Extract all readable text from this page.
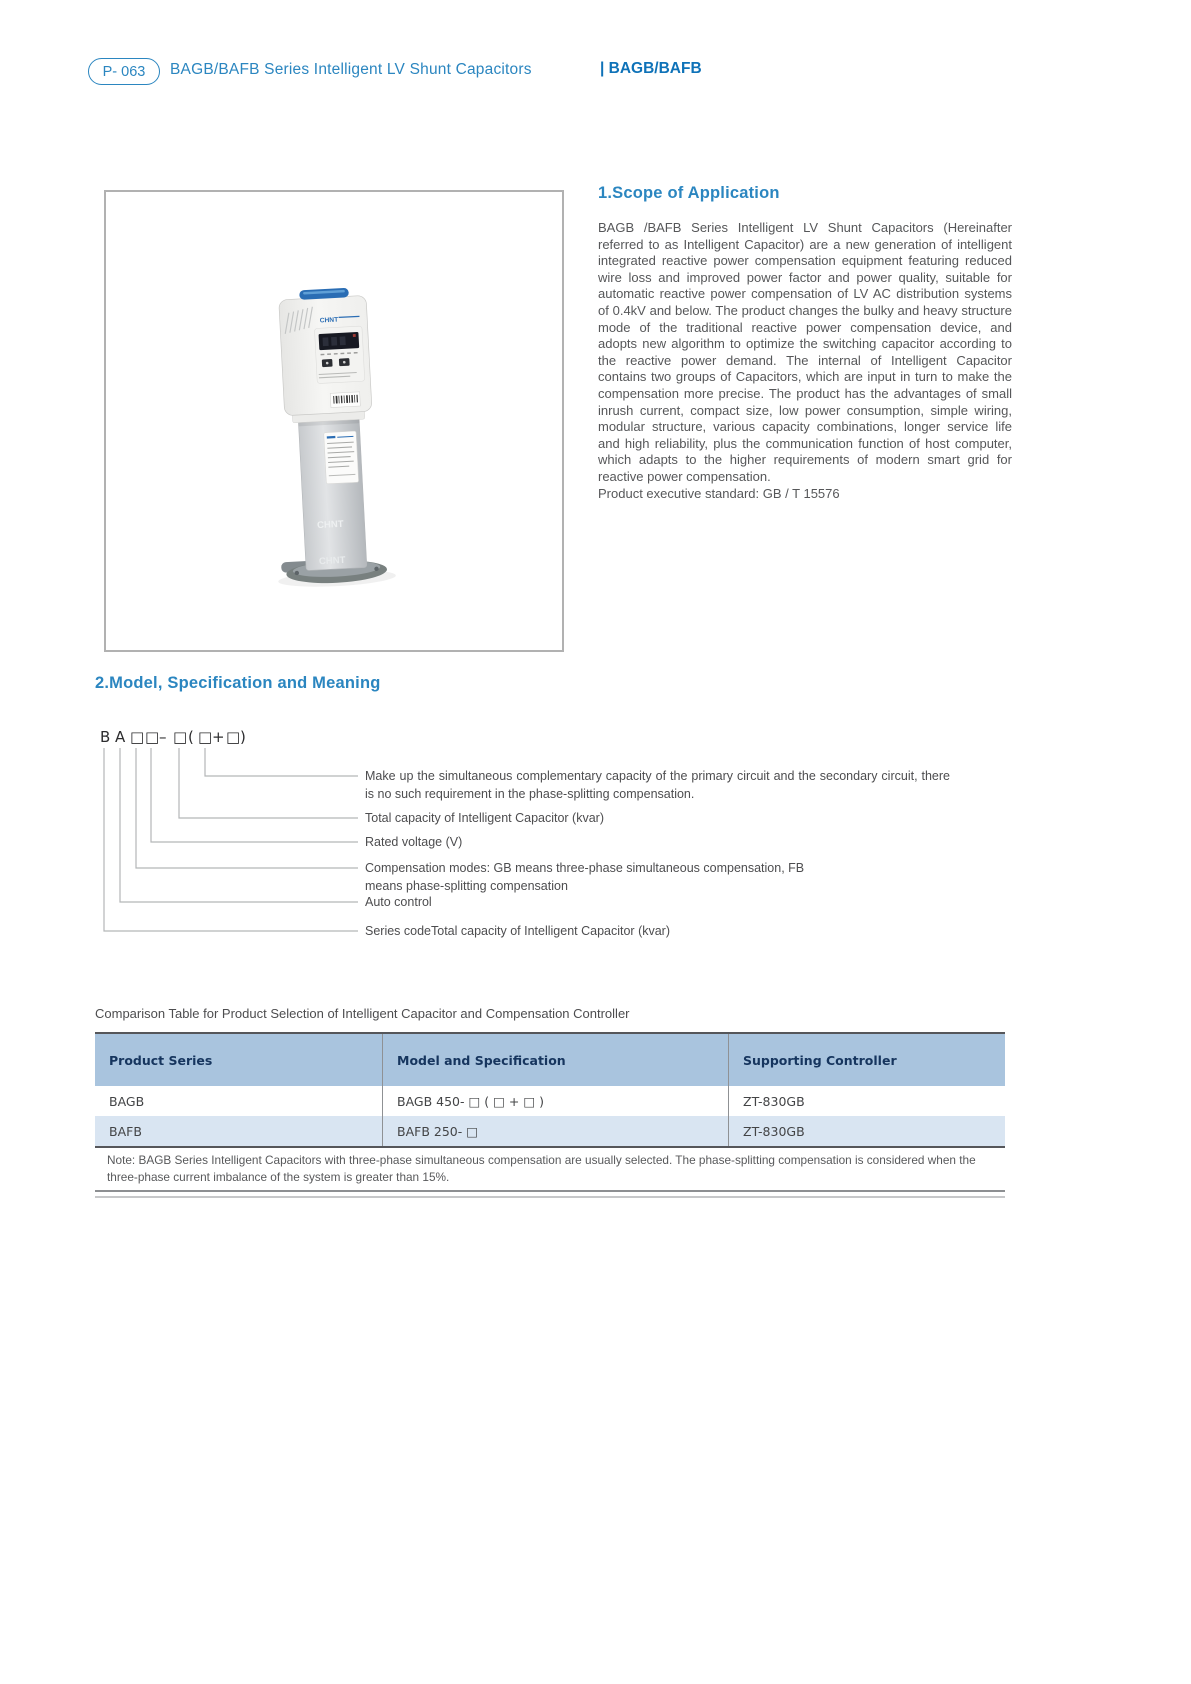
P- 063	BAGB/BAFB Series Intelligent LV Shunt Capacitors	| BAGB/BAFB
CHNT
CHNT
CHNT
1.Scope of Application
BAGB /BAFB Series Intelligent LV Shunt Capacitors (Hereinafter referred to as Intelligent Capacitor) are a new generation of intelligent integrated reactive power compensation equipment featuring reduced wire loss and improved power factor and power quality, suitable for automatic reactive power compensation of LV AC distribution systems of 0.4kV and below. The product changes the bulky and heavy structure mode of the traditional reactive power compensation device, and adopts new algorithm to optimize the switching capacitor according to the reactive power demand. The internal of Intelligent Capacitor contains two groups of Capacitors, which are input in turn to make the compensation more precise. The product has the advantages of small inrush current, compact size, low power consumption, simple wiring, modular structure, various capacity combinations, longer service life and high reliability, plus the communication function of host computer, which adapts to the higher requirements of modern smart grid for reactive power compensation.
Product executive standard: GB / T 15576
2.Model, Specification and Meaning
B A □ □ – □ ( □ + □ )
Make up the simultaneous complementary capacity of the primary circuit and the secondary circuit, there is no such requirement in the phase-splitting compensation.
Total capacity of Intelligent Capacitor (kvar)
Rated voltage (V)
Compensation modes: GB means three-phase simultaneous compensation, FB means phase-splitting compensation
Auto control
Series codeTotal capacity of Intelligent Capacitor (kvar)
Comparison Table for Product Selection of Intelligent Capacitor and Compensation Controller
Product Series	Model and Specification	Supporting Controller
BAGB	BAGB 450- □ ( □ + □ )	ZT-830GB
BAFB	BAFB 250- □	ZT-830GB
Note: BAGB Series Intelligent Capacitors with three-phase simultaneous compensation are usually selected. The phase-splitting compensation is considered when the three-phase current imbalance of the system is greater than 15%.
